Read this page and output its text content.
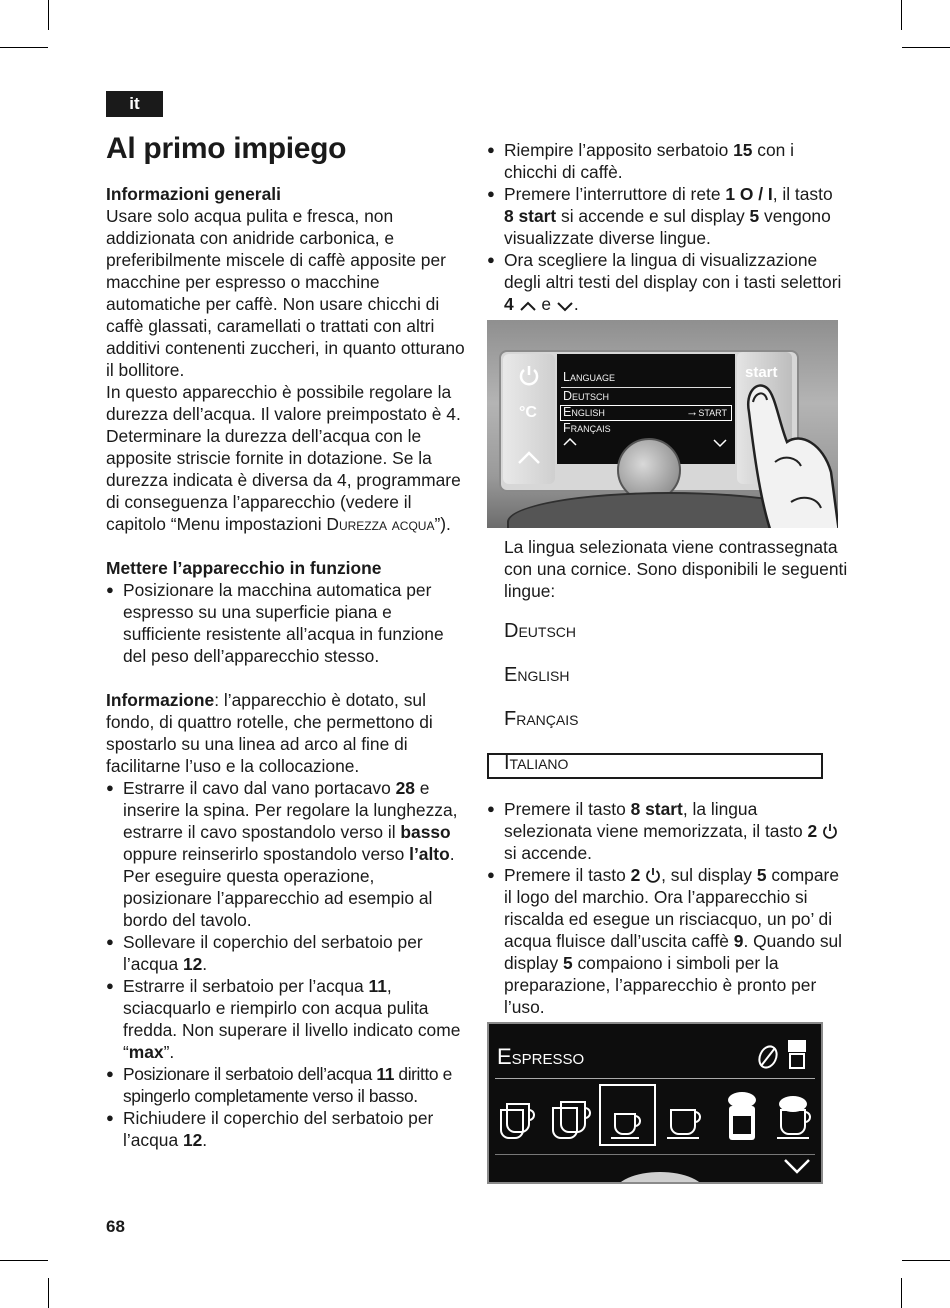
it
Al primo impiego

Informazioni generali

Usare solo acqua pulita e fresca, non addizionata con anidride carbonica, e preferibilmente miscele di caffè apposite per macchine per espresso o macchine automatiche per caffè. Non usare chicchi di caffè glassati, caramellati o trattati con altri additivi contenenti zuccheri, in quanto otturano il bollitore.

In questo apparecchio è possibile regolare la durezza dell’acqua. Il valore preimpostato è 4. Determinare la durezza dell’acqua con le apposite striscie fornite in dotazione. Se la durezza indicata è diversa da 4, programmare di conseguenza l’apparecchio (vedere il capitolo “Menu impostazioni Durezza acqua”).

Mettere l’apparecchio in funzione

● Posizionare la macchina automatica per espresso su una superficie piana e sufficiente resistente all’acqua in funzione del peso dell’apparecchio stesso.

Informazione: l’apparecchio è dotato, sul fondo, di quattro rotelle, che permettono di spostarlo su una linea ad arco al fine di facilitarne l’uso e la collocazione.

● Estrarre il cavo dal vano portacavo 28 e inserire la spina. Per regolare la lunghezza, estrarre il cavo spostandolo verso il basso oppure reinserirlo spostandolo verso l’alto. Per eseguire questa operazione, posizionare l’apparecchio ad esempio al bordo del tavolo.
● Sollevare il coperchio del serbatoio per l’acqua 12.
● Estrarre il serbatoio per l’acqua 11, sciacquarlo e riempirlo con acqua pulita fredda. Non superare il livello indicato come “max”.
● Posizionare il serbatoio dell’acqua 11 diritto e spingerlo completamente verso il basso.
● Richiudere il coperchio del serbatoio per l’acqua 12.
● Riempire l’apposito serbatoio 15 con i chicchi di caffè.
● Premere l’interruttore di rete 1 O / I, il tasto 8 start si accende e sul display 5 vengono visualizzate diverse lingue.
● Ora scegliere la lingua di visualizzazione degli altri testi del display con i tasti selettori 4  e .
°C
start
Language
Deutsch
English	→start
Français
La lingua selezionata viene contrassegnata con una cornice. Sono disponibili le seguenti lingue:
Deutsch
English
Français
Italiano
● Premere il tasto 8 start, la lingua selezionata viene memorizzata, il tasto 2  si accende.
● Premere il tasto 2 , sul display 5 compare il logo del marchio. Ora l’apparecchio si riscalda ed esegue un risciacquo, un po’ di acqua fluisce dall’uscita caffè 9. Quando sul display 5 compaiono i simboli per la preparazione, l’apparecchio è pronto per l’uso.
Espresso
68
